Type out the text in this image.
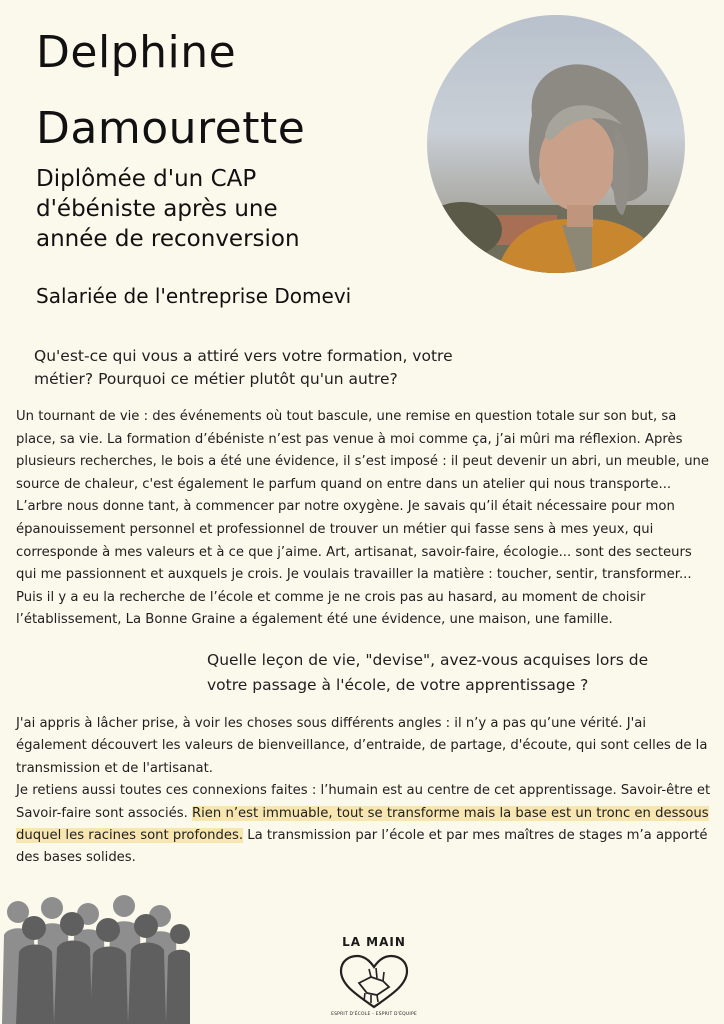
Delphine
Damourette
Diplômée d'un CAP
d'ébéniste après une
année de reconversion
Salariée de l'entreprise Domevi

Qu'est-ce qui vous a attiré vers votre formation, votre métier? Pourquoi ce métier plutôt qu'un autre?

Un tournant de vie : des événements où tout bascule, une remise en question totale sur son but, sa place, sa vie. La formation d’ébéniste n’est pas venue à moi comme ça, j’ai mûri ma réflexion. Après plusieurs recherches, le bois a été une évidence, il s’est imposé : il peut devenir un abri, un meuble, une source de chaleur, c'est également le parfum quand on entre dans un atelier qui nous transporte... L’arbre nous donne tant, à commencer par notre oxygène. Je savais qu’il était nécessaire pour mon épanouissement personnel et professionnel de trouver un métier qui fasse sens à mes yeux, qui corresponde à mes valeurs et à ce que j’aime. Art, artisanat, savoir-faire, écologie... sont des secteurs qui me passionnent et auxquels je crois. Je voulais travailler la matière : toucher, sentir, transformer... Puis il y a eu la recherche de l’école et comme je ne crois pas au hasard, au moment de choisir l’établissement, La Bonne Graine a également été une évidence, une maison, une famille.

Quelle leçon de vie, "devise", avez-vous acquises lors de votre passage à l'école, de votre apprentissage ?

J'ai appris à lâcher prise, à voir les choses sous différents angles : il n’y a pas qu’une vérité. J'ai également découvert les valeurs de bienveillance, d’entraide, de partage, d'écoute, qui sont celles de la transmission et de l'artisanat.

Je retiens aussi toutes ces connexions faites : l’humain est au centre de cet apprentissage. Savoir-être et Savoir-faire sont associés. Rien n’est immuable, tout se transforme mais la base est un tronc en dessous duquel les racines sont profondes. La transmission par l’école et par mes maîtres de stages m’a apporté des bases solides.

LA MAIN
ESPRIT D'ÉCOLE - ESPRIT D'ÉQUIPE
